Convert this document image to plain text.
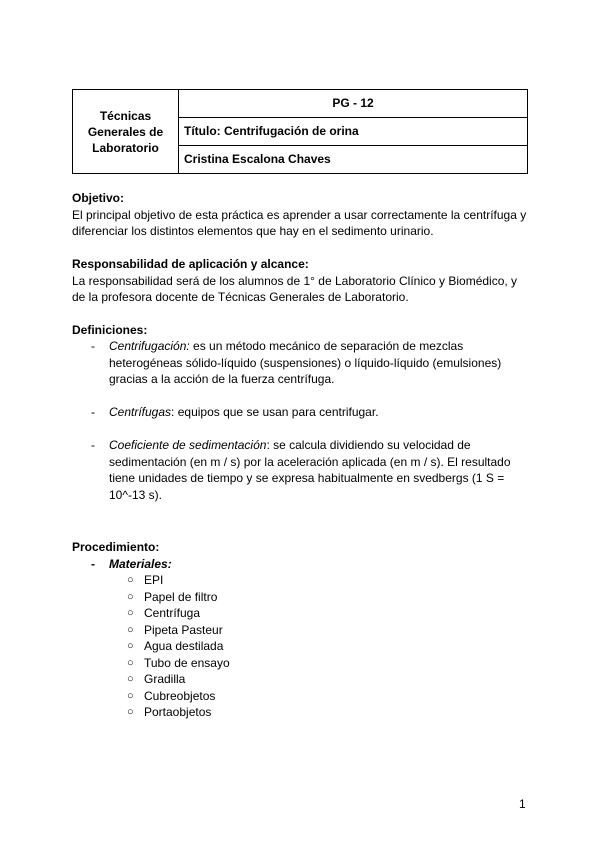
Técnicas Generales de Laboratorio	PG - 12
Título: Centrifugación de orina
Cristina Escalona Chaves
Objetivo:

El principal objetivo de esta práctica es aprender a usar correctamente la centrífuga y diferenciar los distintos elementos que hay en el sedimento urinario.

Responsabilidad de aplicación y alcance:

La responsabilidad será de los alumnos de 1° de Laboratorio Clínico y Biomédico, y de la profesora docente de Técnicas Generales de Laboratorio.

Definiciones:
- Centrifugación: es un método mecánico de separación de mezclas heterogéneas sólido-líquido (suspensiones) o líquido-líquido (emulsiones) gracias a la acción de la fuerza centrífuga.
- Centrífugas: equipos que se usan para centrifugar.
- Coeficiente de sedimentación: se calcula dividiendo su velocidad de sedimentación (en m / s) por la aceleración aplicada (en m / s). El resultado tiene unidades de tiempo y se expresa habitualmente en svedbergs (1 S = 10^-13 s).
Procedimiento:
- Materiales:
○ EPI
○ Papel de filtro
○ Centrífuga
○ Pipeta Pasteur
○ Agua destilada
○ Tubo de ensayo
○ Gradilla
○ Cubreobjetos
○ Portaobjetos
1
